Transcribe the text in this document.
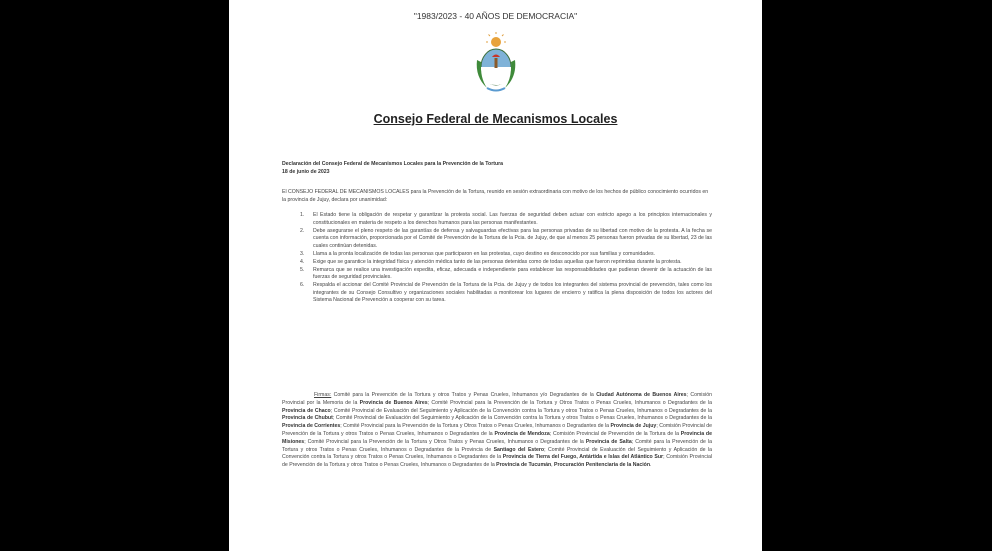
"1983/2023 - 40 AÑOS DE DEMOCRACIA"
Consejo Federal de Mecanismos Locales
Declaración del Consejo Federal de Mecanismos Locales para la Prevención de la Tortura
18 de junio de 2023
El CONSEJO FEDERAL DE MECANISMOS LOCALES para la Prevención de la Tortura, reunido en sesión extraordinaria con motivo de los hechos de público conocimiento ocurridos en la provincia de Jujuy, declara por unanimidad:
1. El Estado tiene la obligación de respetar y garantizar la protesta social. Las fuerzas de seguridad deben actuar con estricto apego a los principios internacionales y constitucionales en materia de respeto a los derechos humanos para las personas manifestantes.
2. Debe asegurarse el pleno respeto de las garantías de defensa y salvaguardas efectivas para las personas privadas de su libertad con motivo de la protesta. A la fecha se cuenta con información, proporcionada por el Comité de Prevención de la Tortura de la Pcia. de Jujuy, de que al menos 25 personas fueron privadas de su libertad, 23 de las cuales continúan detenidas.
3. Llama a la pronta localización de todas las personas que participaron en las protestas, cuyo destino es desconocido por sus familias y comunidades.
4. Exige que se garantice la integridad física y atención médica tanto de las personas detenidas como de todas aquellas que fueron reprimidas durante la protesta.
5. Remarca que se realice una investigación expedita, eficaz, adecuada e independiente para establecer las responsabilidades que pudieran devenir de la actuación de las fuerzas de seguridad provinciales.
6. Respalda el accionar del Comité Provincial de Prevención de la Tortura de la Pcia. de Jujuy y de todos los integrantes del sistema provincial de prevención, tales como los integrantes de su Consejo Consultivo y organizaciones sociales habilitadas a monitorear los lugares de encierro y ratifica la plena disposición de todos los actores del Sistema Nacional de Prevención a cooperar con su tarea.
Firmas: Comité para la Prevención de la Tortura y otros Tratos y Penas Crueles, Inhumanos y/o Degradantes de la Ciudad Autónoma de Buenos Aires; Comisión Provincial por la Memoria de la Provincia de Buenos Aires; Comité Provincial para la Prevención de la Tortura y Otros Tratos o Penas Crueles, Inhumanos o Degradantes de la Provincia de Chaco; Comité Provincial de Evaluación del Seguimiento y Aplicación de la Convención contra la Tortura y otros Tratos o Penas Crueles, Inhumanos o Degradantes de la Provincia de Chubut; Comité Provincial de Evaluación del Seguimiento y Aplicación de la Convención contra la Tortura y otros Tratos o Penas Crueles, Inhumanos o Degradantes de la Provincia de Corrientes; Comité Provincial para la Prevención de la Tortura y Otros Tratos o Penas Crueles, Inhumanos o Degradantes de la Provincia de Jujuy; Comisión Provincial de Prevención de la Tortura y otros Tratos o Penas Crueles, Inhumanos o Degradantes de la Provincia de Mendoza; Comisión Provincial de Prevención de la Tortura de la Provincia de Misiones; Comité Provincial para la Prevención de la Tortura y Otros Tratos y Penas Crueles, Inhumanos o Degradantes de la Provincia de Salta; Comité para la Prevención de la Tortura y otros Tratos o Penas Crueles, Inhumanos o Degradantes de la Provincia de Santiago del Estero; Comité Provincial de Evaluación del Seguimiento y Aplicación de la Convención contra la Tortura y otros Tratos o Penas Crueles, Inhumanos o Degradantes de la Provincia de Tierra del Fuego, Antártida e Islas del Atlántico Sur; Comisión Provincial de Prevención de la Tortura y otros Tratos o Penas Crueles, Inhumanos o Degradantes de la Provincia de Tucumán, Procuración Penitenciaria de la Nación.
